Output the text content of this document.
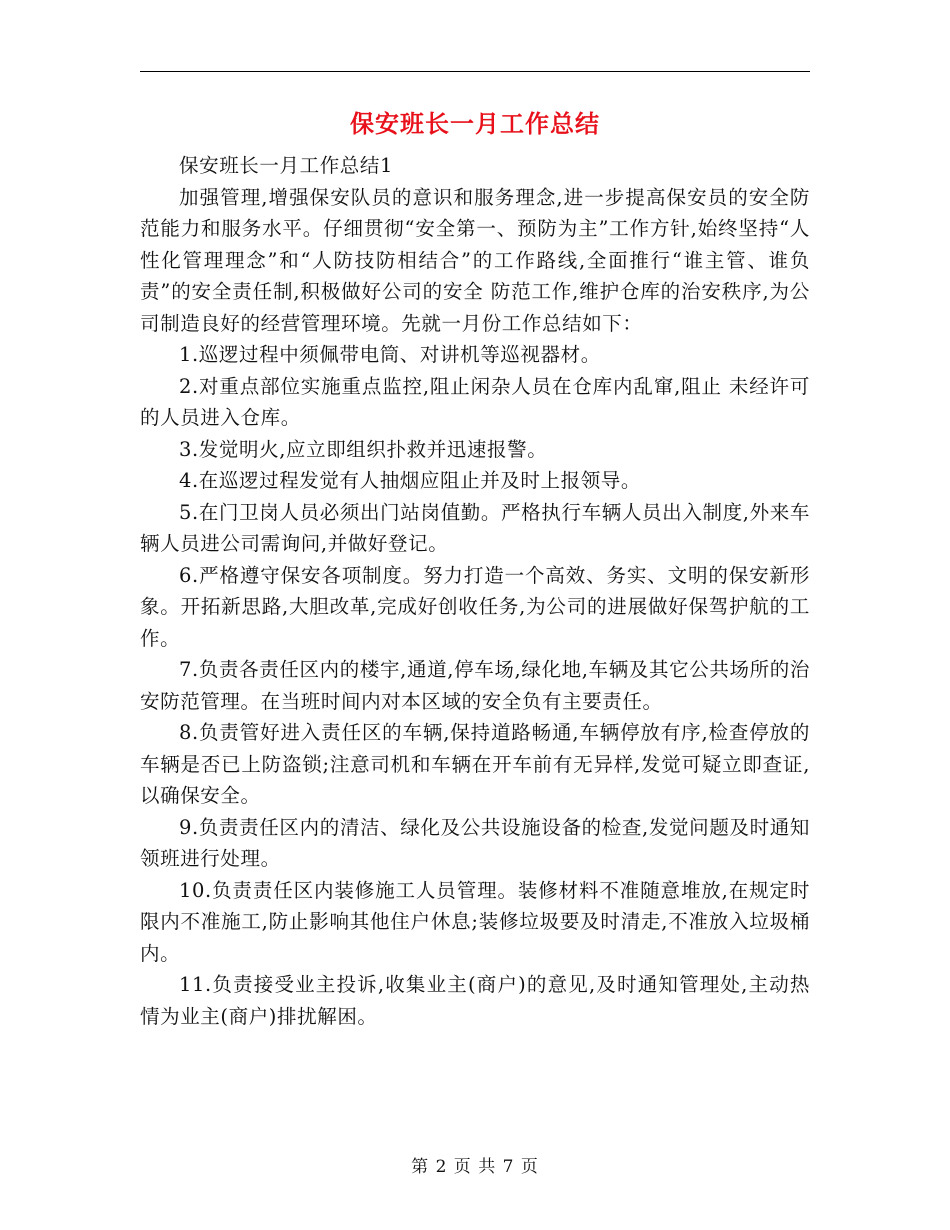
保安班长一月工作总结

保安班长一月工作总结1

加强管理,增强保安队员的意识和服务理念,进一步提高保安员的安全防范能力和服务水平。仔细贯彻“安全第一、预防为主”工作方针,始终坚持“人性化管理理念”和“人防技防相结合”的工作路线,全面推行“谁主管、谁负责”的安全责任制,积极做好公司的安全 防范工作,维护仓库的治安秩序,为公司制造良好的经营管理环境。先就一月份工作总结如下：

1.巡逻过程中须佩带电筒、对讲机等巡视器材。

2.对重点部位实施重点监控,阻止闲杂人员在仓库内乱窜,阻止 未经许可的人员进入仓库。

3.发觉明火,应立即组织扑救并迅速报警。

4.在巡逻过程发觉有人抽烟应阻止并及时上报领导。

5.在门卫岗人员必须出门站岗值勤。严格执行车辆人员出入制度,外来车辆人员进公司需询问,并做好登记。

6.严格遵守保安各项制度。努力打造一个高效、务实、文明的保安新形象。开拓新思路,大胆改革,完成好创收任务,为公司的进展做好保驾护航的工作。

7.负责各责任区内的楼宇,通道,停车场,绿化地,车辆及其它公共场所的治安防范管理。在当班时间内对本区域的安全负有主要责任。

8.负责管好进入责任区的车辆,保持道路畅通,车辆停放有序,检查停放的车辆是否已上防盗锁;注意司机和车辆在开车前有无异样,发觉可疑立即查证,以确保安全。

9.负责责任区内的清洁、绿化及公共设施设备的检查,发觉问题及时通知领班进行处理。

10.负责责任区内装修施工人员管理。装修材料不准随意堆放,在规定时限内不准施工,防止影响其他住户休息;装修垃圾要及时清走,不准放入垃圾桶内。

11.负责接受业主投诉,收集业主(商户)的意见,及时通知管理处,主动热情为业主(商户)排扰解困。

第 2 页 共 7 页
